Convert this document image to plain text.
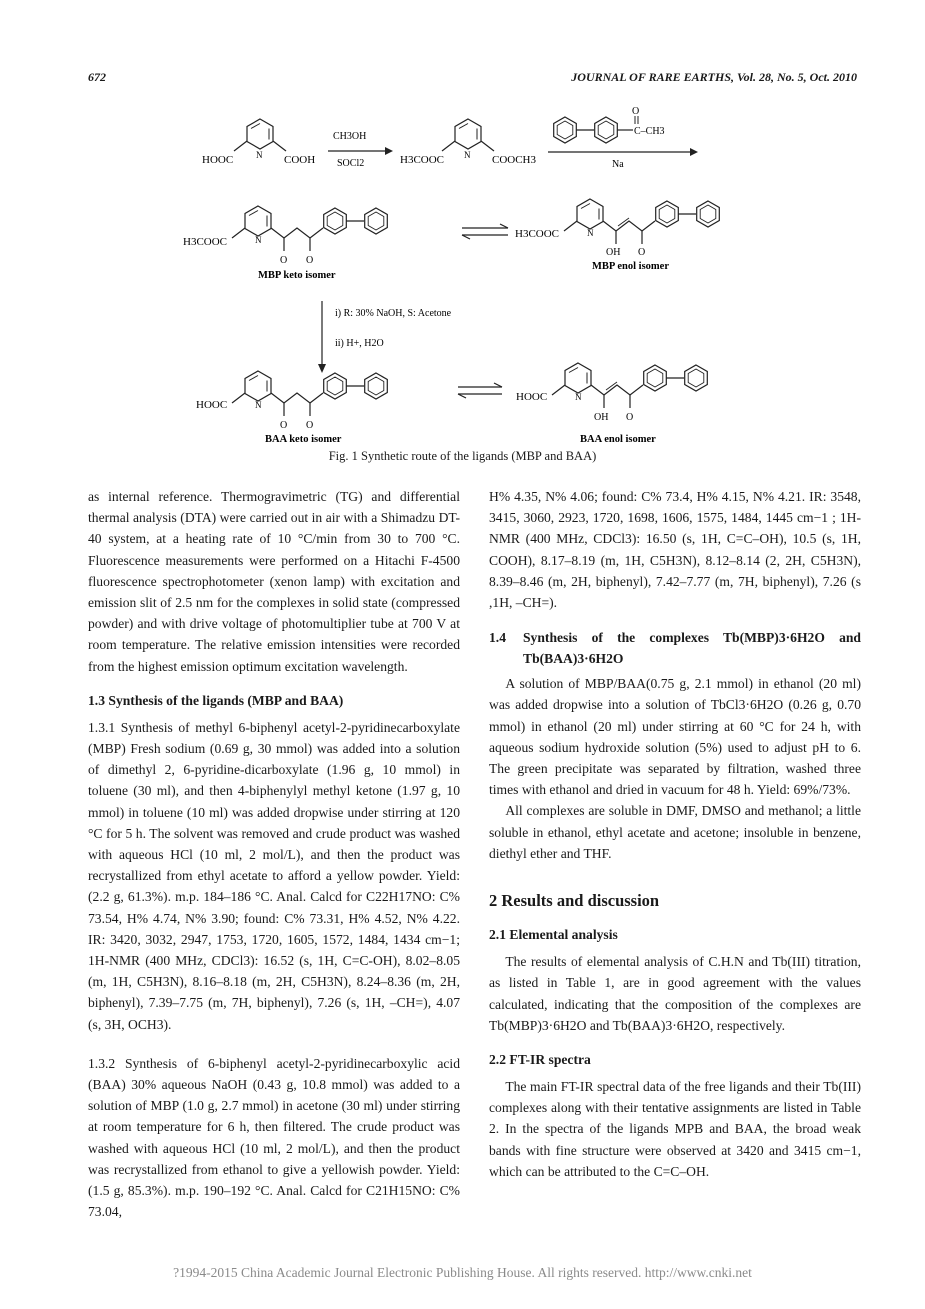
672	JOURNAL OF RARE EARTHS, Vol. 28, No. 5, Oct. 2010
HOOC	N COOH
CH3OH
SOCl2	H3COOC N COOCH3
C–CH3
O
Na
H3COOC	N
O O
MBP keto isomer
H3COOC	N
OH O
MBP enol isomer
i) R: 30% NaOH, S: Acetone
ii) H+, H2O
HOOC	N
O O
BAA keto isomer
HOOC	N
OH O
BAA enol isomer
Fig. 1 Synthetic route of the ligands (MBP and BAA)

as internal reference. Thermogravimetric (TG) and differential thermal analysis (DTA) were carried out in air with a Shimadzu DT-40 system, at a heating rate of 10 °C/min from 30 to 700 °C. Fluorescence measurements were performed on a Hitachi F-4500 fluorescence spectrophotometer (xenon lamp) with excitation and emission slit of 2.5 nm for the complexes in solid state (compressed powder) and with drive voltage of photomultiplier tube at 700 V at room temperature. The relative emission intensities were recorded from the highest emission optimum excitation wavelength.

1.3 Synthesis of the ligands (MBP and BAA)

1.3.1 Synthesis of methyl 6-biphenyl acetyl-2-pyridinecarboxylate (MBP) Fresh sodium (0.69 g, 30 mmol) was added into a solution of dimethyl 2, 6-pyridine-dicarboxylate (1.96 g, 10 mmol) in toluene (30 ml), and then 4-biphenylyl methyl ketone (1.97 g, 10 mmol) in toluene (10 ml) was added dropwise under stirring at 120 °C for 5 h. The solvent was removed and crude product was washed with aqueous HCl (10 ml, 2 mol/L), and then the product was recrystallized from ethyl acetate to afford a yellow powder. Yield: (2.2 g, 61.3%). m.p. 184–186 °C. Anal. Calcd for C22H17NO: C% 73.54, H% 4.74, N% 3.90; found: C% 73.31, H% 4.52, N% 4.22. IR: 3420, 3032, 2947, 1753, 1720, 1605, 1572, 1484, 1434 cm−1; 1H-NMR (400 MHz, CDCl3): 16.52 (s, 1H, C=C-OH), 8.02–8.05 (m, 1H, C5H3N), 8.16–8.18 (m, 2H, C5H3N), 8.24–8.36 (m, 2H, biphenyl), 7.39–7.75 (m, 7H, biphenyl), 7.26 (s, 1H, –CH=), 4.07 (s, 3H, OCH3).

1.3.2 Synthesis of 6-biphenyl acetyl-2-pyridinecarboxylic acid (BAA) 30% aqueous NaOH (0.43 g, 10.8 mmol) was added to a solution of MBP (1.0 g, 2.7 mmol) in acetone (30 ml) under stirring at room temperature for 6 h, then filtered. The crude product was washed with aqueous HCl (10 ml, 2 mol/L), and then the product was recrystallized from ethanol to give a yellowish powder. Yield: (1.5 g, 85.3%). m.p. 190–192 °C. Anal. Calcd for C21H15NO: C% 73.04,

H% 4.35, N% 4.06; found: C% 73.4, H% 4.15, N% 4.21. IR: 3548, 3415, 3060, 2923, 1720, 1698, 1606, 1575, 1484, 1445 cm−1 ; 1H-NMR (400 MHz, CDCl3): 16.50 (s, 1H, C=C–OH), 10.5 (s, 1H, COOH), 8.17–8.19 (m, 1H, C5H3N), 8.12–8.14 (2, 2H, C5H3N), 8.39–8.46 (m, 2H, biphenyl), 7.42–7.77 (m, 7H, biphenyl), 7.26 (s ,1H, –CH=).

1.4	Synthesis of the complexes Tb(MBP)3·6H2O and Tb(BAA)3·6H2O

A solution of MBP/BAA(0.75 g, 2.1 mmol) in ethanol (20 ml) was added dropwise into a solution of TbCl3·6H2O (0.26 g, 0.70 mmol) in ethanol (20 ml) under stirring at 60 °C for 24 h, with aqueous sodium hydroxide solution (5%) used to adjust pH to 6. The green precipitate was separated by filtration, washed three times with ethanol and dried in vacuum for 48 h. Yield: 69%/73%.

All complexes are soluble in DMF, DMSO and methanol; a little soluble in ethanol, ethyl acetate and acetone; insoluble in benzene, diethyl ether and THF.

2 Results and discussion
2.1 Elemental analysis

The results of elemental analysis of C.H.N and Tb(III) titration, as listed in Table 1, are in good agreement with the values calculated, indicating that the composition of the complexes are Tb(MBP)3·6H2O and Tb(BAA)3·6H2O, respectively.

2.2 FT-IR spectra

The main FT-IR spectral data of the free ligands and their Tb(III) complexes along with their tentative assignments are listed in Table 2. In the spectra of the ligands MPB and BAA, the broad weak bands with fine structure were observed at 3420 and 3415 cm−1, which can be attributed to the C=C–OH.

?1994-2015 China Academic Journal Electronic Publishing House. All rights reserved. http://www.cnki.net
